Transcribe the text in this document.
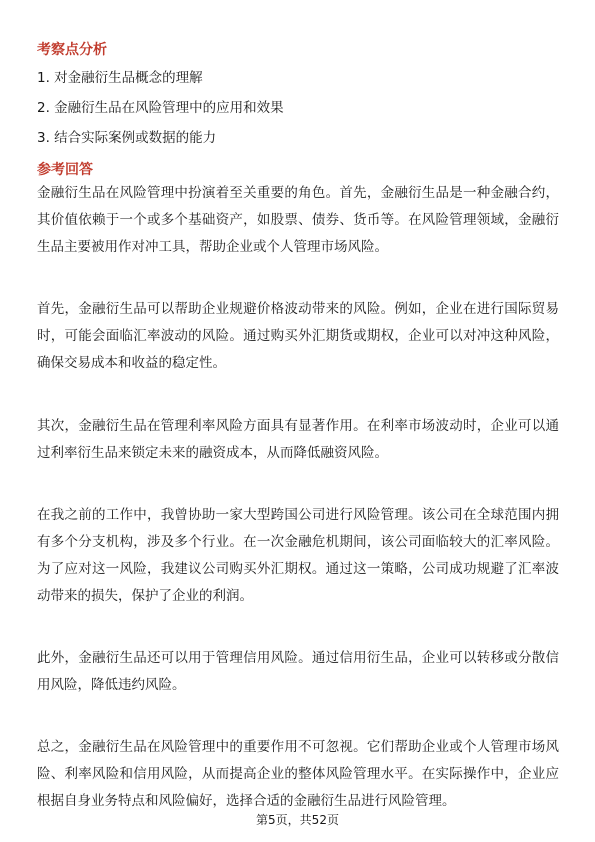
考察点分析

1. 对金融衍生品概念的理解

2. 金融衍生品在风险管理中的应用和效果

3. 结合实际案例或数据的能力

参考回答

金融衍生品在风险管理中扮演着至关重要的角色。首先，金融衍生品是一种金融合约，其价值依赖于一个或多个基础资产，如股票、债券、货币等。在风险管理领域，金融衍生品主要被用作对冲工具，帮助企业或个人管理市场风险。

首先，金融衍生品可以帮助企业规避价格波动带来的风险。例如，企业在进行国际贸易时，可能会面临汇率波动的风险。通过购买外汇期货或期权，企业可以对冲这种风险，确保交易成本和收益的稳定性。

其次，金融衍生品在管理利率风险方面具有显著作用。在利率市场波动时，企业可以通过利率衍生品来锁定未来的融资成本，从而降低融资风险。

在我之前的工作中，我曾协助一家大型跨国公司进行风险管理。该公司在全球范围内拥有多个分支机构，涉及多个行业。在一次金融危机期间，该公司面临较大的汇率风险。为了应对这一风险，我建议公司购买外汇期权。通过这一策略，公司成功规避了汇率波动带来的损失，保护了企业的利润。

此外，金融衍生品还可以用于管理信用风险。通过信用衍生品，企业可以转移或分散信用风险，降低违约风险。

总之，金融衍生品在风险管理中的重要作用不可忽视。它们帮助企业或个人管理市场风险、利率风险和信用风险，从而提高企业的整体风险管理水平。在实际操作中，企业应根据自身业务特点和风险偏好，选择合适的金融衍生品进行风险管理。

第5页，共52页
